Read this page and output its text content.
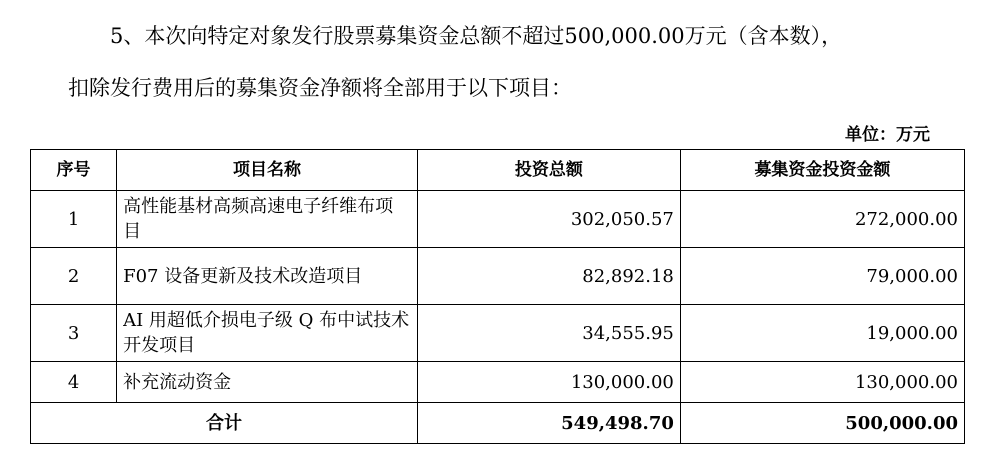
5、本次向特定对象发行股票募集资金总额不超过500,000.00万元（含本数），
扣除发行费用后的募集资金净额将全部用于以下项目：
单位：万元
序号	项目名称	投资总额	募集资金投资金额
1	高性能基材高频高速电子纤维布项目	302,050.57	272,000.00
2	F07 设备更新及技术改造项目	82,892.18	79,000.00
3	AI 用超低介损电子级 Q 布中试技术开发项目	34,555.95	19,000.00
4	补充流动资金	130,000.00	130,000.00
合计		549,498.70	500,000.00
